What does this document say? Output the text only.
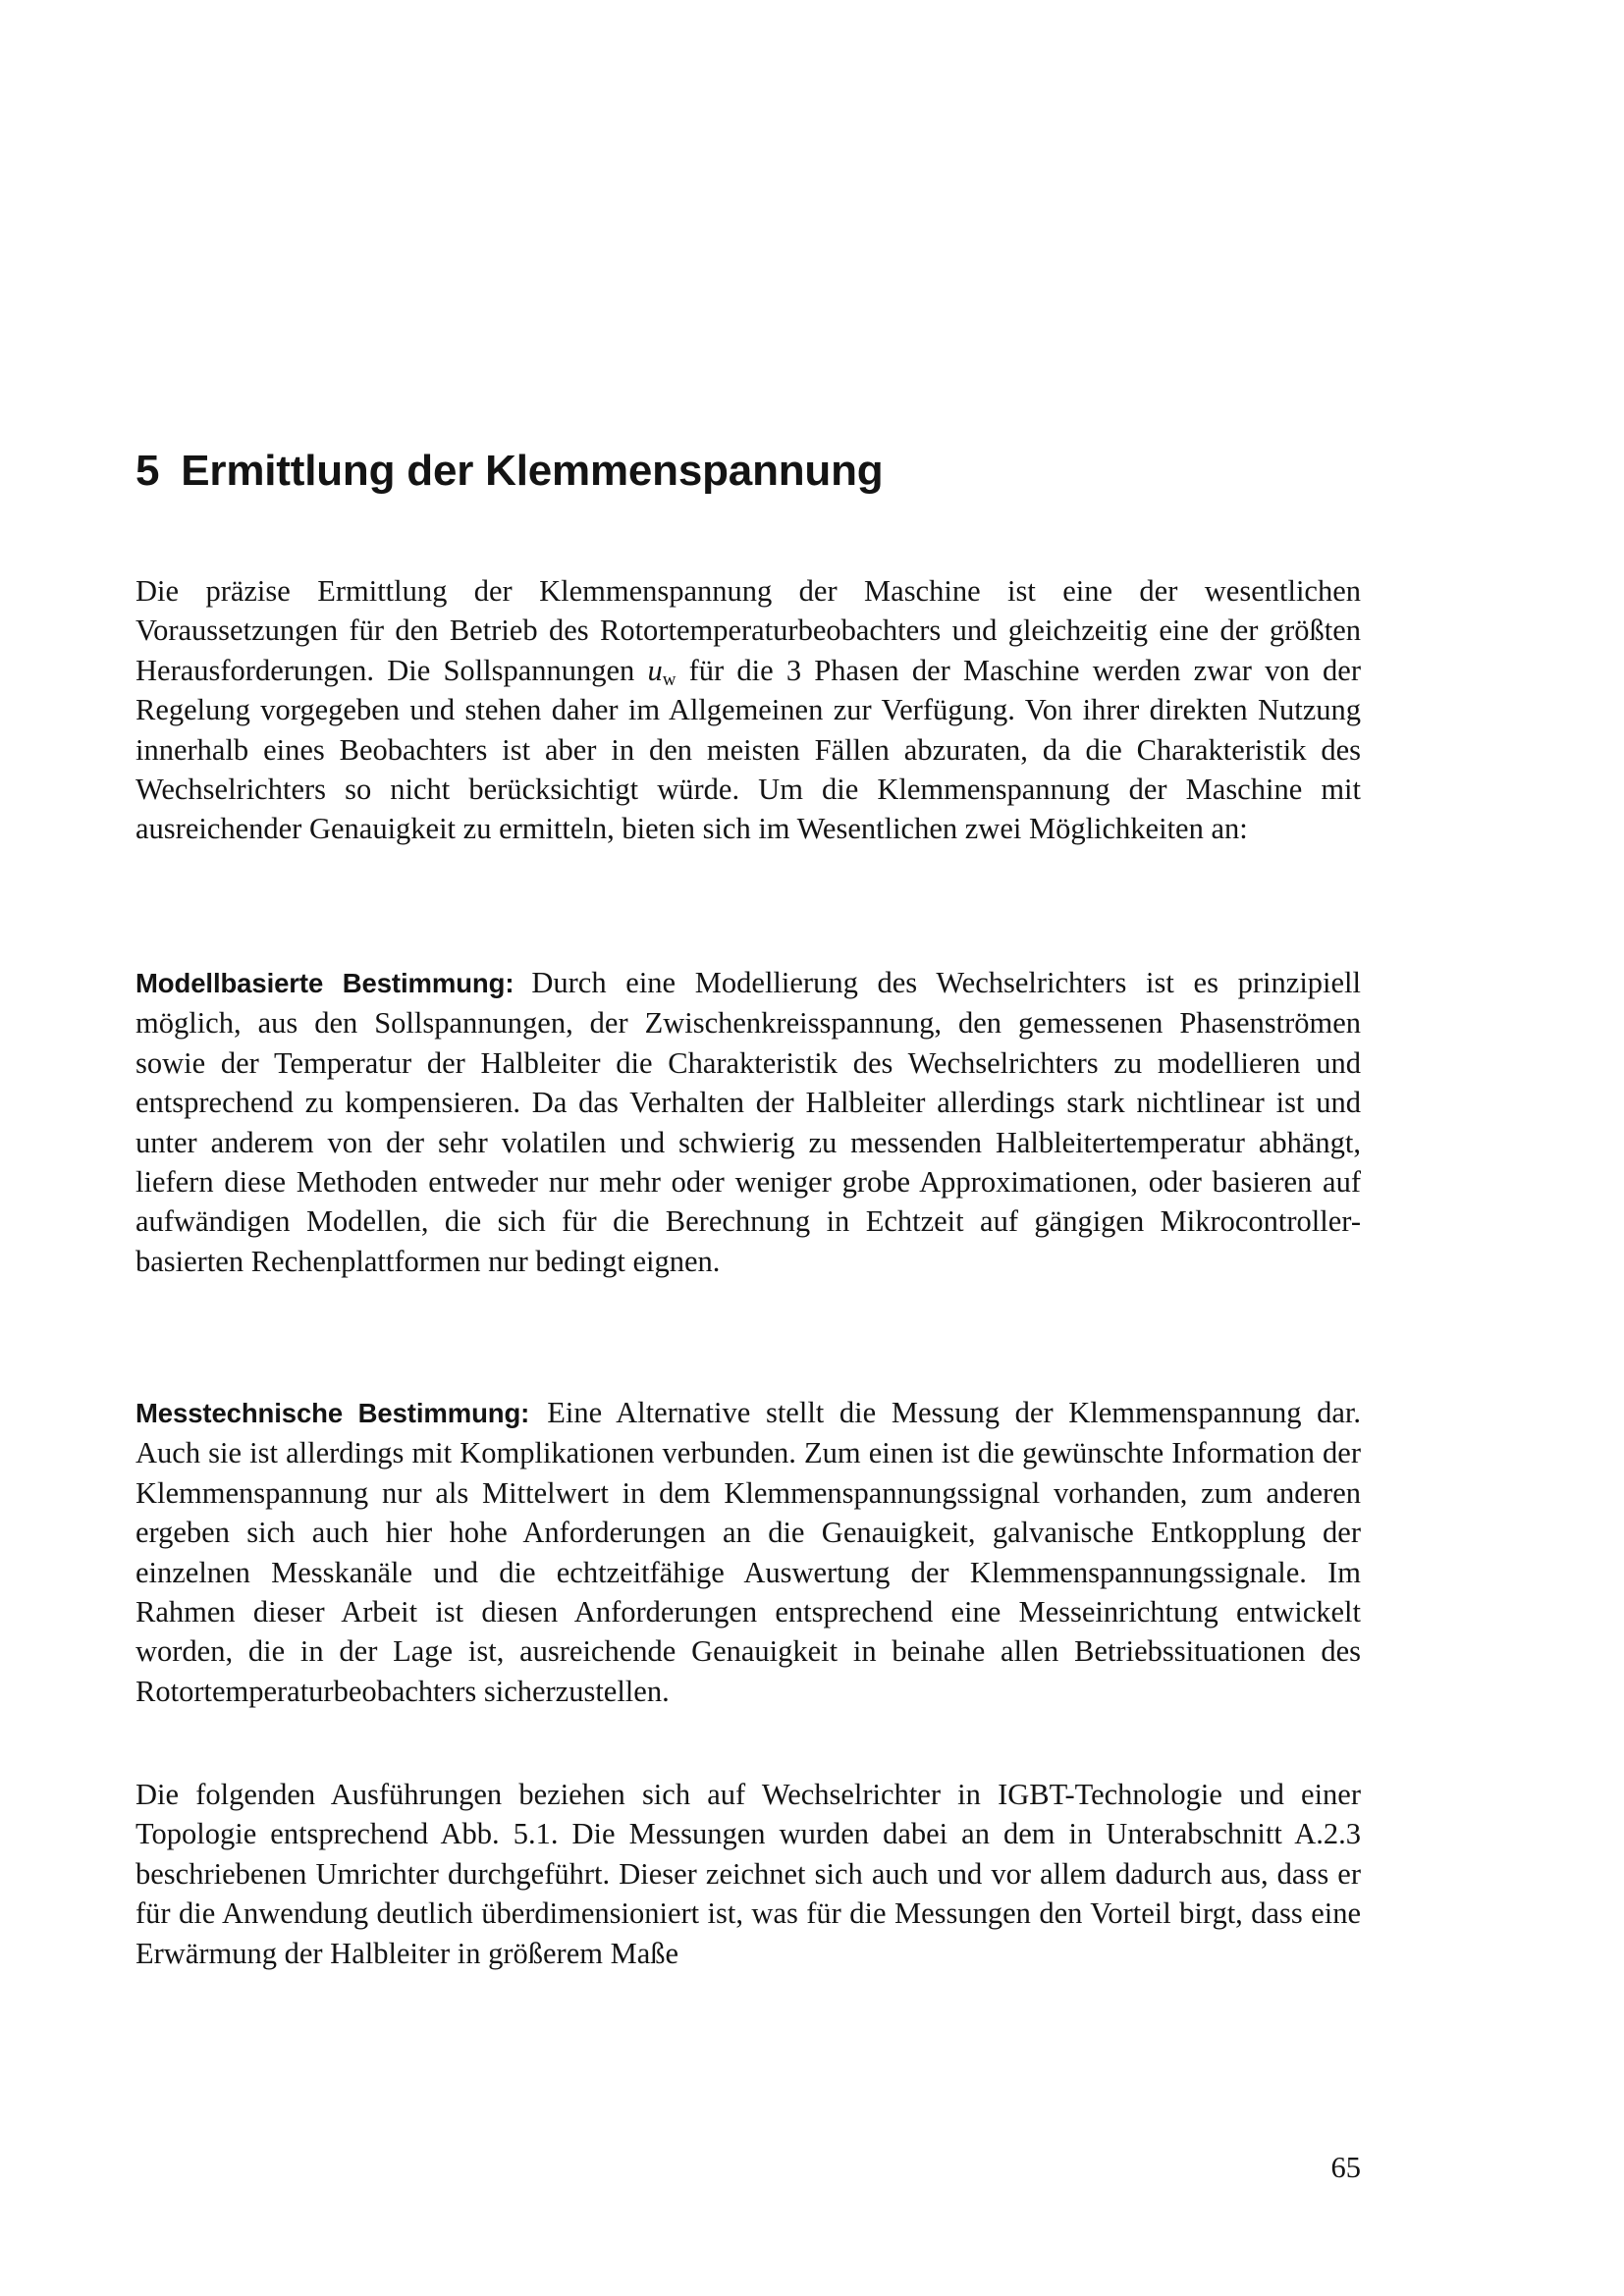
5 Ermittlung der Klemmenspannung

Die präzise Ermittlung der Klemmenspannung der Maschine ist eine der wesentlichen Voraussetzungen für den Betrieb des Rotortemperaturbeobachters und gleichzeitig eine der größten Herausforderungen. Die Sollspannungen $u_w$ für die 3 Phasen der Maschine werden zwar von der Regelung vorgegeben und stehen daher im Allgemeinen zur Verfügung. Von ihrer direkten Nutzung innerhalb eines Beobachters ist aber in den meisten Fällen abzuraten, da die Charakteristik des Wechselrichters so nicht berücksichtigt würde. Um die Klemmenspannung der Maschine mit ausreichender Genauigkeit zu ermitteln, bieten sich im Wesentlichen zwei Möglichkeiten an:

Modellbasierte Bestimmung: Durch eine Modellierung des Wechselrichters ist es prinzipiell möglich, aus den Sollspannungen, der Zwischenkreisspannung, den gemessenen Phasenströmen sowie der Temperatur der Halbleiter die Charakteristik des Wechselrichters zu modellieren und entsprechend zu kompensieren. Da das Verhalten der Halbleiter allerdings stark nichtlinear ist und unter anderem von der sehr volatilen und schwierig zu messenden Halbleitertemperatur abhängt, liefern diese Methoden entweder nur mehr oder weniger grobe Approximationen, oder basieren auf aufwändigen Modellen, die sich für die Berechnung in Echtzeit auf gängigen Mikrocontroller-basierten Rechenplattformen nur bedingt eignen.

Messtechnische Bestimmung: Eine Alternative stellt die Messung der Klemmenspannung dar. Auch sie ist allerdings mit Komplikationen verbunden. Zum einen ist die gewünschte Information der Klemmenspannung nur als Mittelwert in dem Klemmenspannungssignal vorhanden, zum anderen ergeben sich auch hier hohe Anforderungen an die Genauigkeit, galvanische Entkopplung der einzelnen Messkanäle und die echtzeitfähige Auswertung der Klemmenspannungssignale. Im Rahmen dieser Arbeit ist diesen Anforderungen entsprechend eine Messeinrichtung entwickelt worden, die in der Lage ist, ausreichende Genauigkeit in beinahe allen Betriebssituationen des Rotortemperaturbeobachters sicherzustellen.

Die folgenden Ausführungen beziehen sich auf Wechselrichter in IGBT-Technologie und einer Topologie entsprechend Abb. 5.1. Die Messungen wurden dabei an dem in Unterabschnitt A.2.3 beschriebenen Umrichter durchgeführt. Dieser zeichnet sich auch und vor allem dadurch aus, dass er für die Anwendung deutlich überdimensioniert ist, was für die Messungen den Vorteil birgt, dass eine Erwärmung der Halbleiter in größerem Maße

65
